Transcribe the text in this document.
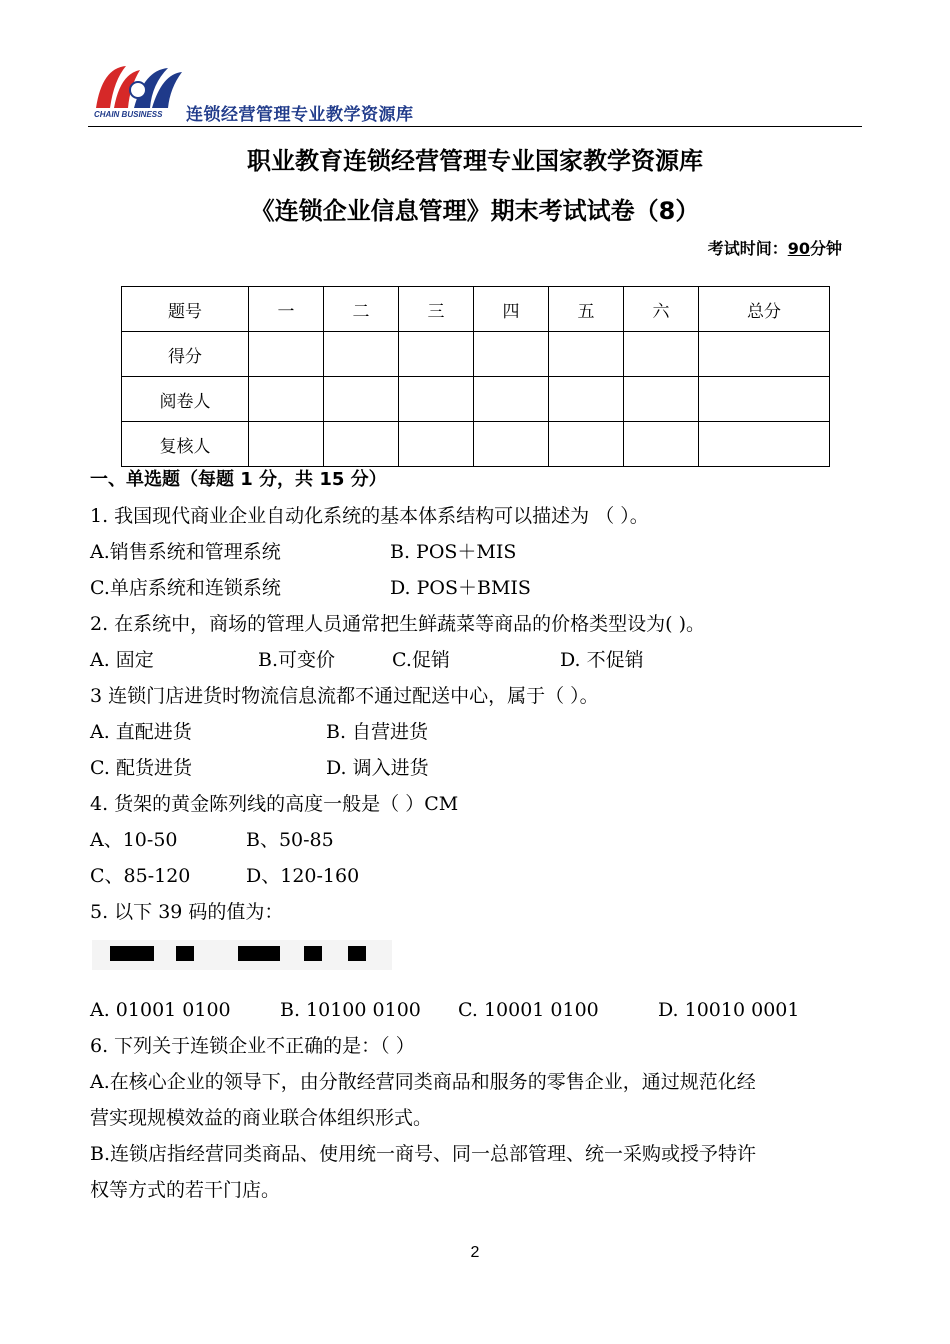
CHAIN BUSINESS 连锁经营管理专业教学资源库
职业教育连锁经营管理专业国家教学资源库
《连锁企业信息管理》期末考试试卷（8）
考试时间：90分钟
题号	一	二	三	四	五	六	总分
得分							
阅卷人							
复核人							
一、单选题（每题 1 分，共 15 分）
1. 我国现代商业企业自动化系统的基本体系结构可以描述为 （ ）。
A.销售系统和管理系统	B. POS＋MIS
C.单店系统和连锁系统	D. POS＋BMIS
2. 在系统中，商场的管理人员通常把生鲜蔬菜等商品的价格类型设为( )。
A. 固定	B.可变价	C.促销	D. 不促销
3 连锁门店进货时物流信息流都不通过配送中心，属于（ ）。
A. 直配进货	B. 自营进货
C. 配货进货	D. 调入进货
4. 货架的黄金陈列线的高度一般是（ ）CM
A、10-50	B、50-85
C、85-120	D、120-160
5. 以下 39 码的值为：
A. 01001 0100	B. 10100 0100 C. 10001 0100	D. 10010 0001
6. 下列关于连锁企业不正确的是：（ ）
A.在核心企业的领导下，由分散经营同类商品和服务的零售企业，通过规范化经
营实现规模效益的商业联合体组织形式。
B.连锁店指经营同类商品、使用统一商号、同一总部管理、统一采购或授予特许
权等方式的若干门店。
2
